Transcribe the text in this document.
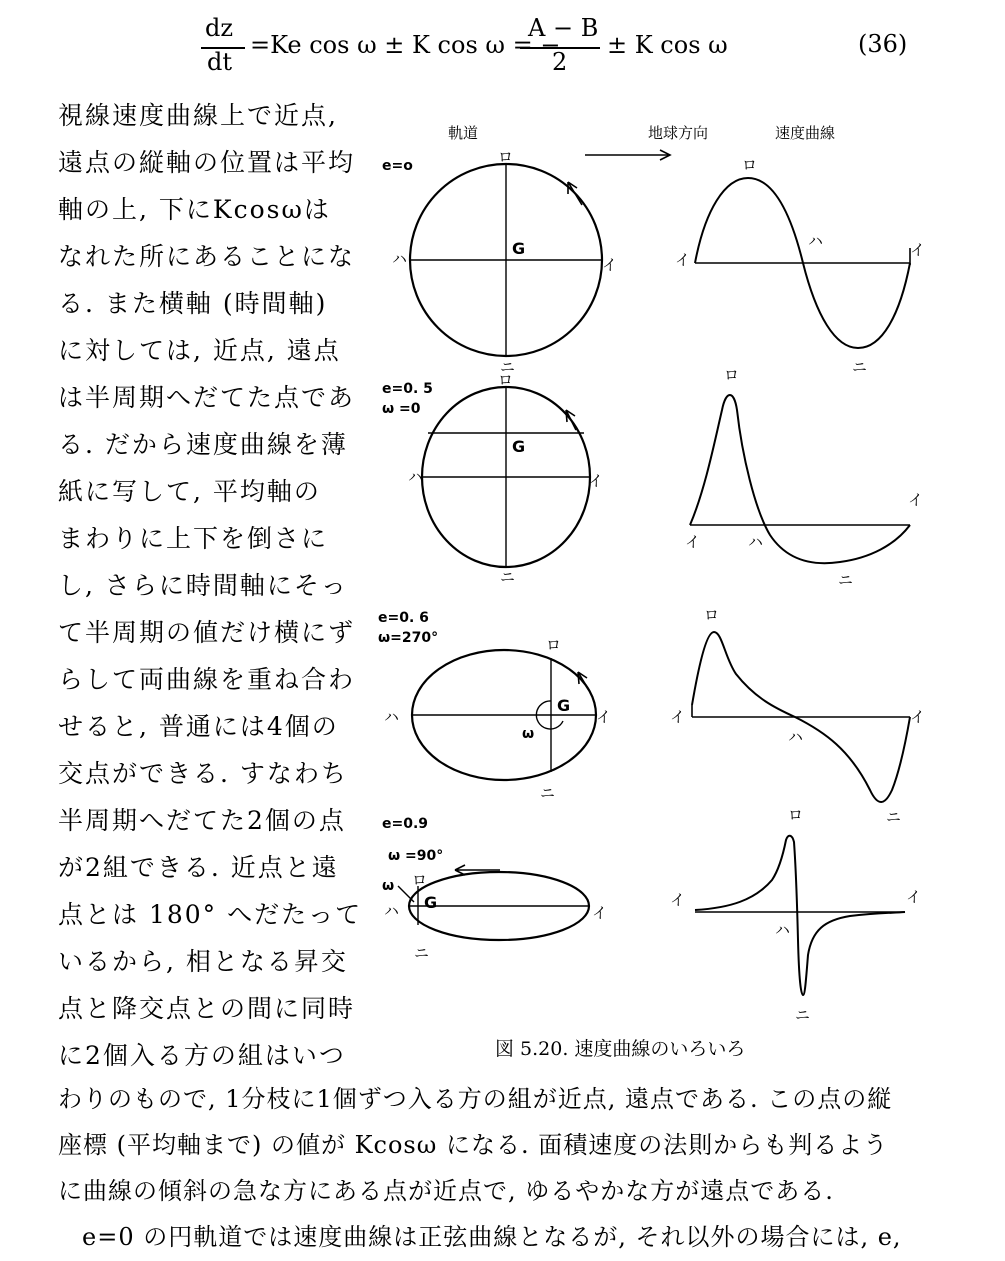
dz
dt
=Ke cos ω ± K cos ω = −
A − B
2
± K cos ω	(36)
視線速度曲線上で近点,
遠点の縦軸の位置は平均
軸の上, 下にKcosωは
なれた所にあることにな
る. また横軸 (時間軸)
に対しては, 近点, 遠点
は半周期へだてた点であ
る. だから速度曲線を薄
紙に写して, 平均軸の
まわりに上下を倒さに
し, さらに時間軸にそっ
て半周期の値だけ横にず
らして両曲線を重ね合わ
せると, 普通には4個の
交点ができる. すなわち
半周期へだてた2個の点
が2組できる. 近点と遠
点とは 180° へだたって
いるから, 相となる昇交
点と降交点との間に同時
に2個入る方の組はいつ
軌道	地球方向	速度曲線
e=o	ロ
G
ハ	イ
ニ
ロ
ハ
イ
イ
ニ
e=0. 5
ω =0
ロ
G
ハ	イ
ニ
ロ
イ	ハ
イ
ニ
e=0. 6
ω=270°	ロ
G
ω
ハ	イ
ニ
ロ
イ
ハ
イ
ニ
e=0.9
ω =90°
ω ロ
ハ G
イ
ニ
ロ
イ
ハ
イ
ニ
図 5.20. 速度曲線のいろいろ
わりのもので, 1分枝に1個ずつ入る方の組が近点, 遠点である. この点の縦
座標 (平均軸まで) の値が Kcosω になる. 面積速度の法則からも判るよう
に曲線の傾斜の急な方にある点が近点で, ゆるやかな方が遠点である.
e=0 の円軌道では速度曲線は正弦曲線となるが, それ以外の場合には, e,
